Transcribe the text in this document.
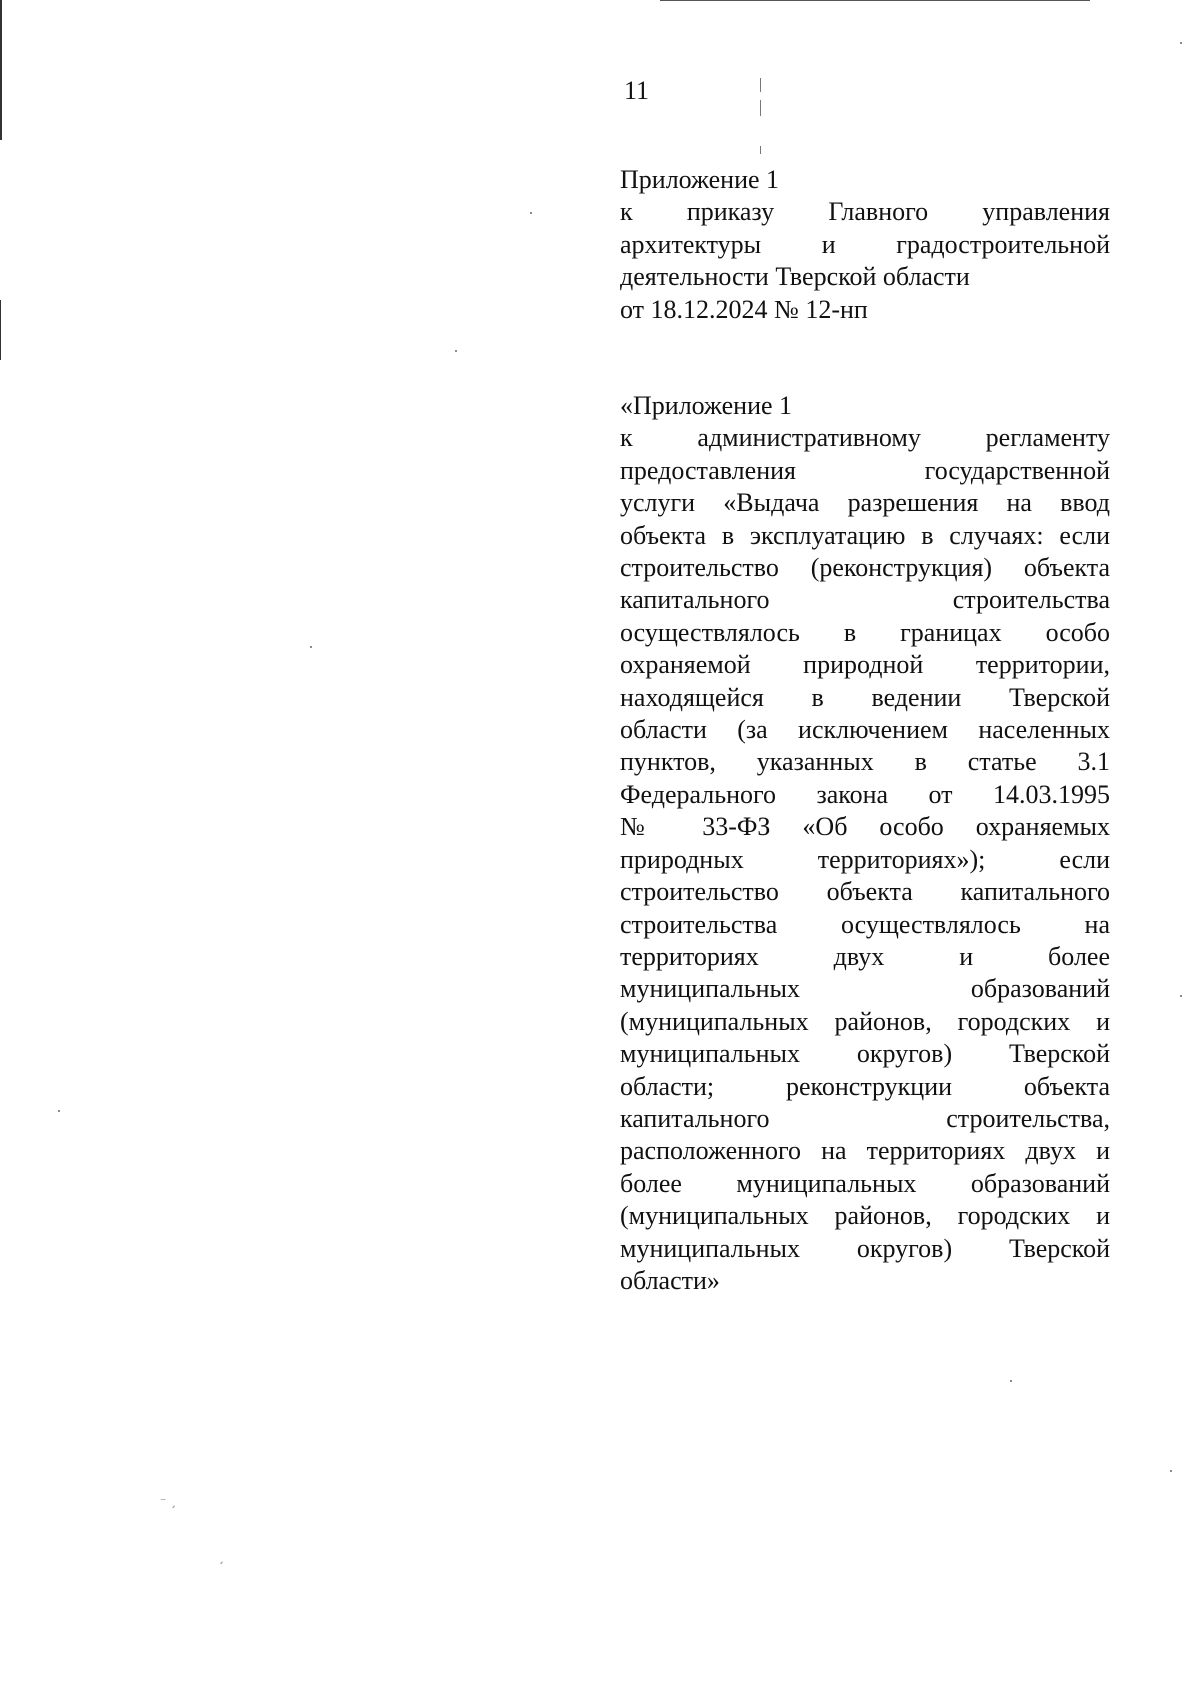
⁻ ˏ
ˏ
11
Приложение 1
к приказу Главного управления
архитектуры и градостроительной
деятельности Тверской области
от 18.12.2024 № 12-нп
«Приложение 1
к административному регламенту
предоставления государственной
услуги «Выдача разрешения на ввод
объекта в эксплуатацию в случаях: если
строительство (реконструкция) объекта
капитального строительства
осуществлялось в границах особо
охраняемой природной территории,
находящейся в ведении Тверской
области (за исключением населенных
пунктов, указанных в статье 3.1
Федерального закона от 14.03.1995
№ 33-ФЗ «Об особо охраняемых
природных территориях»); если
строительство объекта капитального
строительства осуществлялось на
территориях двух и более
муниципальных образований
(муниципальных районов, городских и
муниципальных округов) Тверской
области; реконструкции объекта
капитального строительства,
расположенного на территориях двух и
более муниципальных образований
(муниципальных районов, городских и
муниципальных округов) Тверской
области»
